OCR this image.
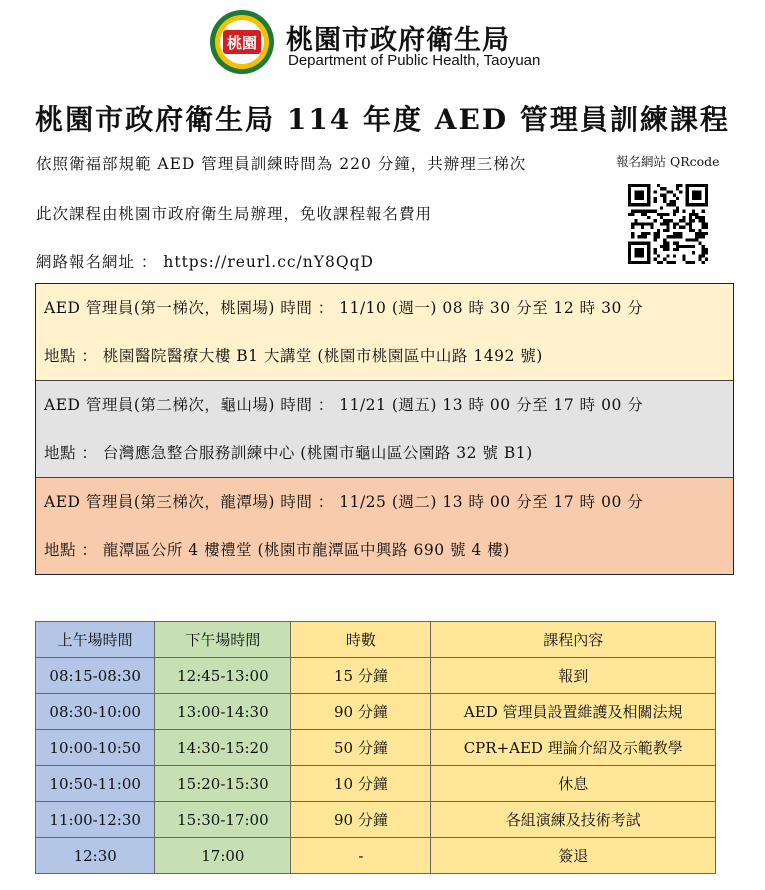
桃園 桃園市政府衛生局
Department of Public Health, Taoyuan
桃園市政府衛生局 114 年度 AED 管理員訓練課程
依照衛福部規範 AED 管理員訓練時間為 220 分鐘，共辦理三梯次
此次課程由桃園市政府衛生局辦理，免收課程報名費用
網路報名網址 ： https://reurl.cc/nY8QqD
報名網站 QRcode
AED 管理員(第一梯次，桃園場) 時間 ： 11/10 (週一) 08 時 30 分至 12 時 30 分
地點 ： 桃園醫院醫療大樓 B1 大講堂 (桃園市桃園區中山路 1492 號)
AED 管理員(第二梯次，龜山場) 時間 ： 11/21 (週五) 13 時 00 分至 17 時 00 分
地點 ： 台灣應急整合服務訓練中心 (桃園市龜山區公園路 32 號 B1)
AED 管理員(第三梯次，龍潭場) 時間 ： 11/25 (週二) 13 時 00 分至 17 時 00 分
地點 ： 龍潭區公所 4 樓禮堂 (桃園市龍潭區中興路 690 號 4 樓)
上午場時間	下午場時間	時數	課程內容
08:15-08:30	12:45-13:00	15 分鐘	報到
08:30-10:00	13:00-14:30	90 分鐘	AED 管理員設置維護及相關法規
10:00-10:50	14:30-15:20	50 分鐘	CPR+AED 理論介紹及示範教學
10:50-11:00	15:20-15:30	10 分鐘	休息
11:00-12:30	15:30-17:00	90 分鐘	各組演練及技術考試
12:30	17:00	-	簽退
